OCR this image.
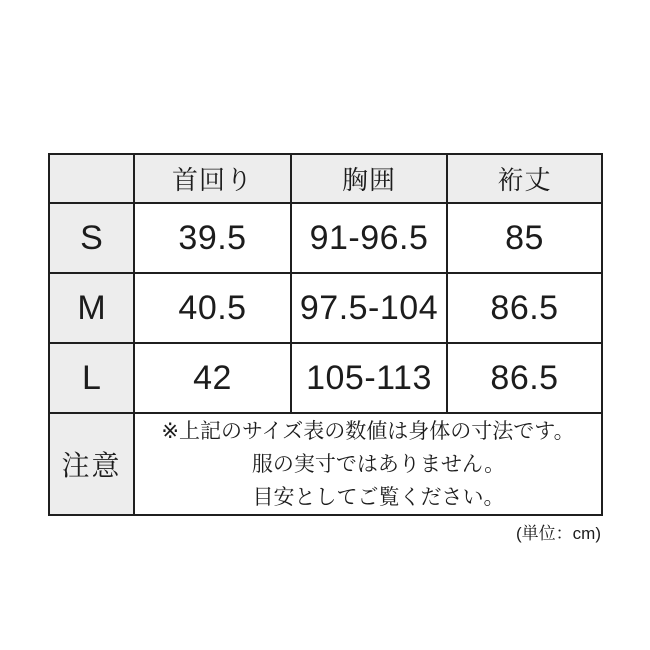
	首回り	胸囲	裄丈
S	39.5	91-96.5	85
M	40.5	97.5-104	86.5
L	42	105-113	86.5
注意	※上記のサイズ表の数値は身体の寸法です。
服の実寸ではありません。
目安としてご覧ください。		
(単位：cm)
